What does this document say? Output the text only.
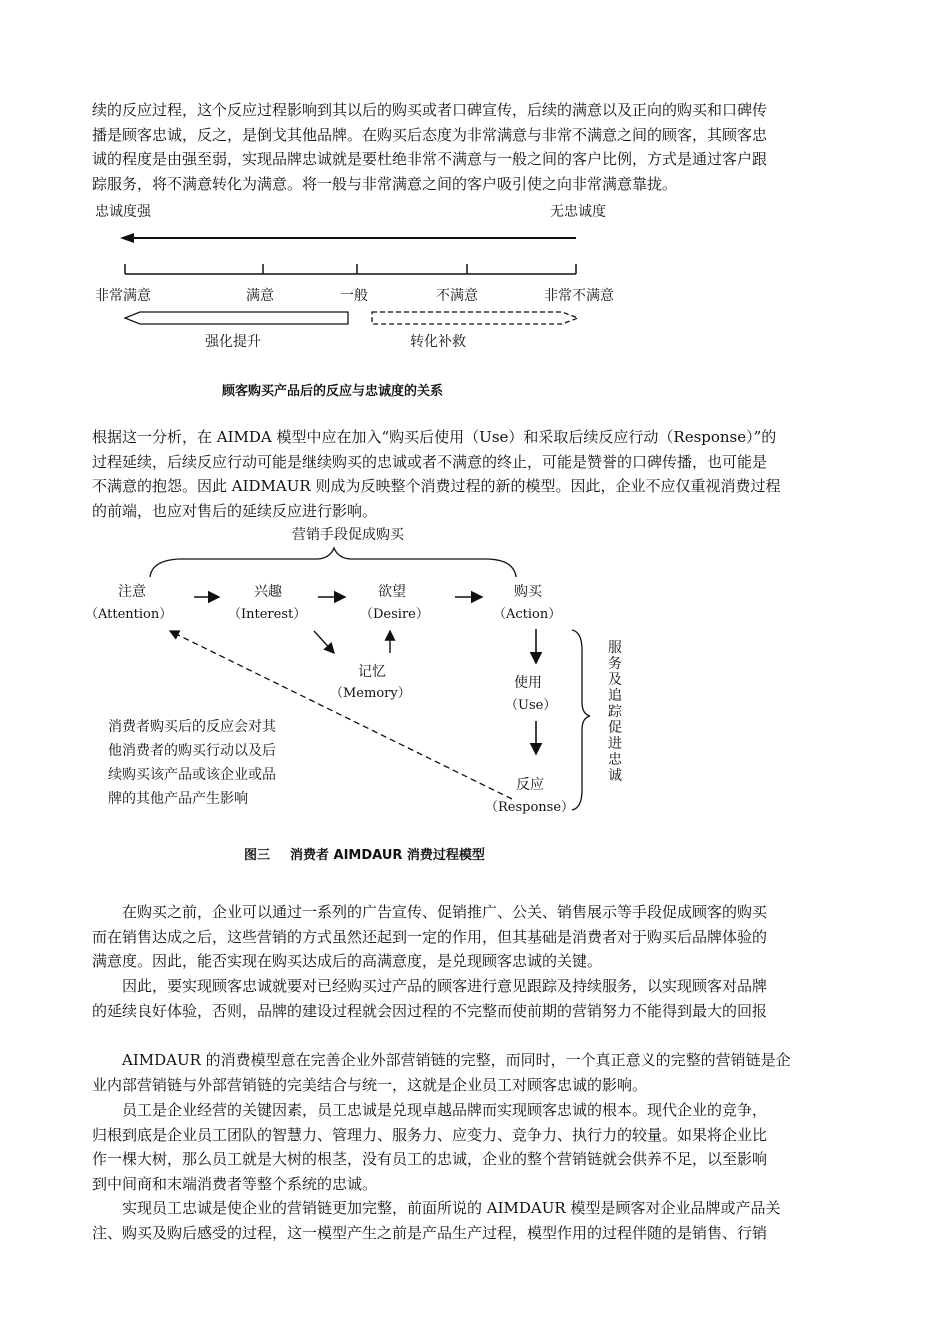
续的反应过程，这个反应过程影响到其以后的购买或者口碑宣传，后续的满意以及正向的购买和口碑传
播是顾客忠诚，反之，是倒戈其他品牌。在购买后态度为非常满意与非常不满意之间的顾客，其顾客忠
诚的程度是由强至弱，实现品牌忠诚就是要杜绝非常不满意与一般之间的客户比例，方式是通过客户跟
踪服务，将不满意转化为满意。将一般与非常满意之间的客户吸引使之向非常满意靠拢。
忠诚度强	无忠诚度
非常满意	满意	一般	不满意	非常不满意
强化提升	转化补救
顾客购买产品后的反应与忠诚度的关系
根据这一分析，在 AIMDA 模型中应在加入“购买后使用（Use）和采取后续反应行动（Response）”的
过程延续，后续反应行动可能是继续购买的忠诚或者不满意的终止，可能是赞誉的口碑传播，也可能是
不满意的抱怨。因此 AIDMAUR 则成为反映整个消费过程的新的模型。因此，企业不应仅重视消费过程
的前端，也应对售后的延续反应进行影响。
营销手段促成购买
注意
（Attention）
兴趣
（Interest）
欲望
（Desire）
购买
（Action）
记忆
（Memory）
使用
（Use）
反应
（Response）
服务及追踪促进忠诚
消费者购买后的反应会对其
他消费者的购买行动以及后
续购买该产品或该企业或品
牌的其他产品产生影响
图三 消费者 AIMDAUR 消费过程模型
在购买之前，企业可以通过一系列的广告宣传、促销推广、公关、销售展示等手段促成顾客的购买
而在销售达成之后，这些营销的方式虽然还起到一定的作用，但其基础是消费者对于购买后品牌体验的
满意度。因此，能否实现在购买达成后的高满意度，是兑现顾客忠诚的关键。
因此，要实现顾客忠诚就要对已经购买过产品的顾客进行意见跟踪及持续服务，以实现顾客对品牌
的延续良好体验，否则，品牌的建设过程就会因过程的不完整而使前期的营销努力不能得到最大的回报
AIMDAUR 的消费模型意在完善企业外部营销链的完整，而同时，一个真正意义的完整的营销链是企
业内部营销链与外部营销链的完美结合与统一，这就是企业员工对顾客忠诚的影响。
员工是企业经营的关键因素，员工忠诚是兑现卓越品牌而实现顾客忠诚的根本。现代企业的竞争，
归根到底是企业员工团队的智慧力、管理力、服务力、应变力、竞争力、执行力的较量。如果将企业比
作一棵大树，那么员工就是大树的根茎，没有员工的忠诚，企业的整个营销链就会供养不足，以至影响
到中间商和末端消费者等整个系统的忠诚。
实现员工忠诚是使企业的营销链更加完整，前面所说的 AIMDAUR 模型是顾客对企业品牌或产品关
注、购买及购后感受的过程，这一模型产生之前是产品生产过程，模型作用的过程伴随的是销售、行销
